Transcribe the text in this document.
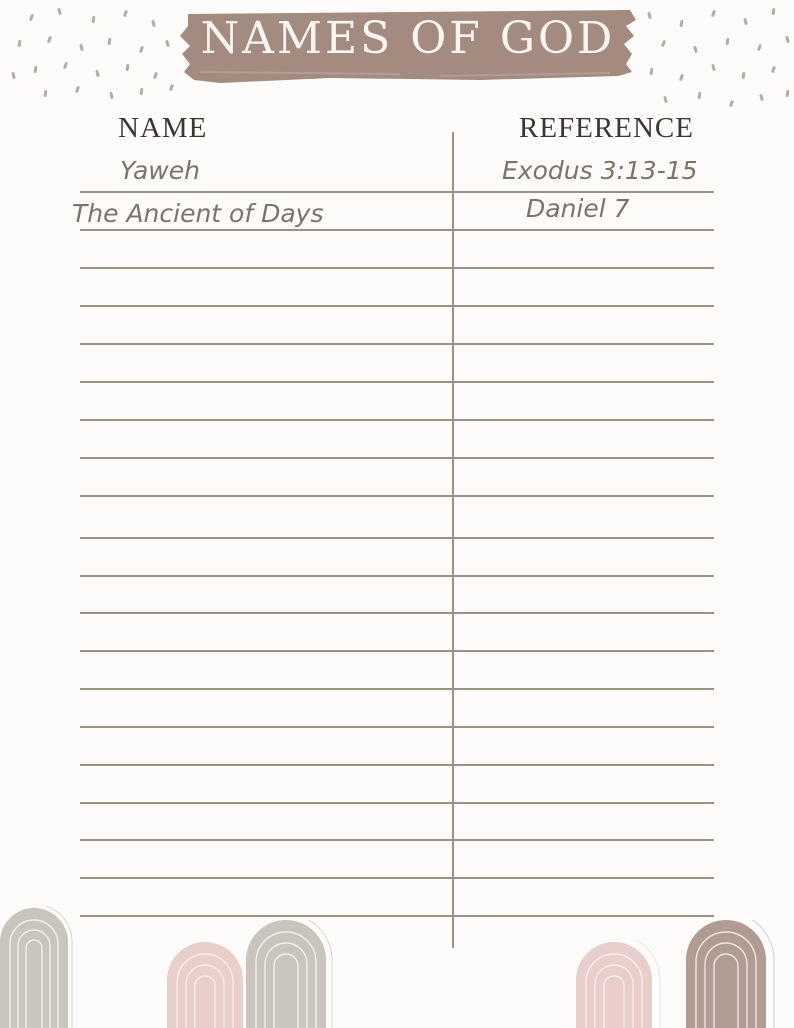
NAMES OF GOD
NAME	REFERENCE
Yaweh	Exodus 3:13-15
The Ancient of Days	Daniel 7
